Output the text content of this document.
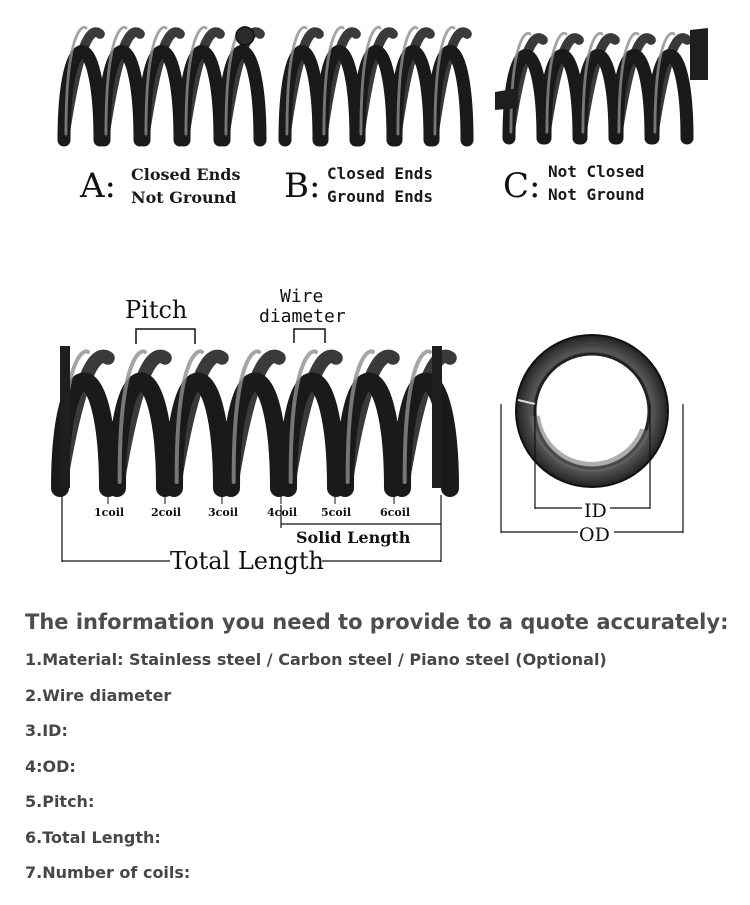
A: Closed Ends
Not Ground B: Closed Ends
Ground Ends C: Not Closed
Not Ground
Pitch	Wire
diameter
1coil 2coil 3coil	4coil 5coil	6coil
Solid Length
Total Length
ID
OD
The information you need to provide to a quote accurately:
1.Material: Stainless steel / Carbon steel / Piano steel (Optional)
2.Wire diameter
3.ID:
4:OD:
5.Pitch:
6.Total Length:
7.Number of coils:
